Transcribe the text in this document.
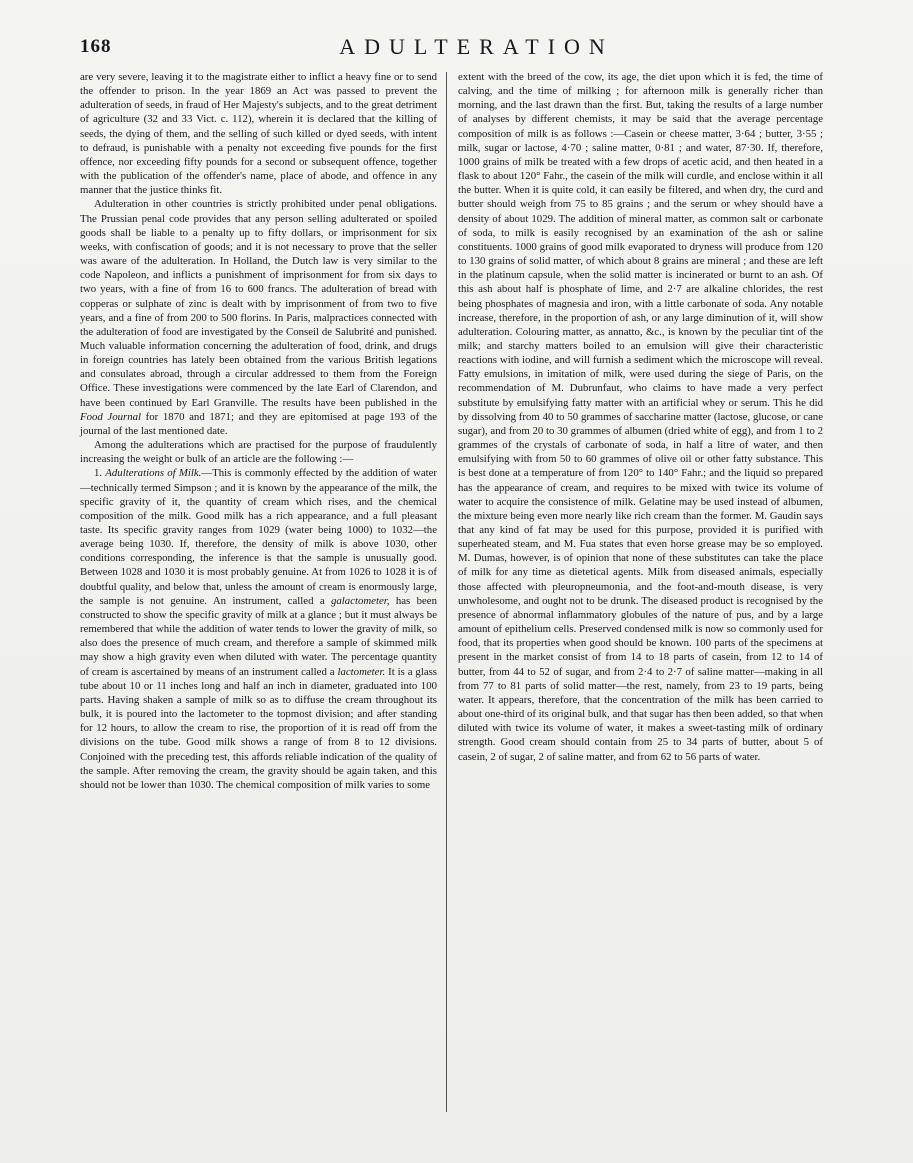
168	ADULTERATION

are very severe, leaving it to the magistrate either to inflict a heavy fine or to send the offender to prison. In the year 1869 an Act was passed to prevent the adulteration of seeds, in fraud of Her Majesty's subjects, and to the great detriment of agriculture (32 and 33 Vict. c. 112), wherein it is declared that the killing of seeds, the dying of them, and the selling of such killed or dyed seeds, with intent to defraud, is punishable with a penalty not exceeding five pounds for the first offence, nor exceeding fifty pounds for a second or subsequent offence, together with the publication of the offender's name, place of abode, and offence in any manner that the justice thinks fit.

Adulteration in other countries is strictly prohibited under penal obligations. The Prussian penal code provides that any person selling adulterated or spoiled goods shall be liable to a penalty up to fifty dollars, or imprisonment for six weeks, with confiscation of goods; and it is not necessary to prove that the seller was aware of the adulteration. In Holland, the Dutch law is very similar to the code Napoleon, and inflicts a punishment of imprisonment for from six days to two years, with a fine of from 16 to 600 francs. The adulteration of bread with copperas or sulphate of zinc is dealt with by imprisonment of from two to five years, and a fine of from 200 to 500 florins. In Paris, malpractices connected with the adulteration of food are investigated by the Conseil de Salubrité and punished. Much valuable information concerning the adulteration of food, drink, and drugs in foreign countries has lately been obtained from the various British legations and consulates abroad, through a circular addressed to them from the Foreign Office. These investigations were commenced by the late Earl of Clarendon, and have been continued by Earl Granville. The results have been published in the Food Journal for 1870 and 1871; and they are epitomised at page 193 of the journal of the last mentioned date.

Among the adulterations which are practised for the purpose of fraudulently increasing the weight or bulk of an article are the following :—

1. Adulterations of Milk.—This is commonly effected by the addition of water—technically termed Simpson ; and it is known by the appearance of the milk, the specific gravity of it, the quantity of cream which rises, and the chemical composition of the milk. Good milk has a rich appearance, and a full pleasant taste. Its specific gravity ranges from 1029 (water being 1000) to 1032—the average being 1030. If, therefore, the density of milk is above 1030, other conditions corresponding, the inference is that the sample is unusually good. Between 1028 and 1030 it is most probably genuine. At from 1026 to 1028 it is of doubtful quality, and below that, unless the amount of cream is enormously large, the sample is not genuine. An instrument, called a galactometer, has been constructed to show the specific gravity of milk at a glance ; but it must always be remembered that while the addition of water tends to lower the gravity of milk, so also does the presence of much cream, and therefore a sample of skimmed milk may show a high gravity even when diluted with water. The percentage quantity of cream is ascertained by means of an instrument called a lactometer. It is a glass tube about 10 or 11 inches long and half an inch in diameter, graduated into 100 parts. Having shaken a sample of milk so as to diffuse the cream throughout its bulk, it is poured into the lactometer to the topmost division; and after standing for 12 hours, to allow the cream to rise, the proportion of it is read off from the divisions on the tube. Good milk shows a range of from 8 to 12 divisions. Conjoined with the preceding test, this affords reliable indication of the quality of the sample. After removing the cream, the gravity should be again taken, and this should not be lower than 1030. The chemical composition of milk varies to some

extent with the breed of the cow, its age, the diet upon which it is fed, the time of calving, and the time of milking ; for afternoon milk is generally richer than morning, and the last drawn than the first. But, taking the results of a large number of analyses by different chemists, it may be said that the average percentage composition of milk is as follows :—Casein or cheese matter, 3·64 ; butter, 3·55 ; milk, sugar or lactose, 4·70 ; saline matter, 0·81 ; and water, 87·30. If, therefore, 1000 grains of milk be treated with a few drops of acetic acid, and then heated in a flask to about 120° Fahr., the casein of the milk will curdle, and enclose within it all the butter. When it is quite cold, it can easily be filtered, and when dry, the curd and butter should weigh from 75 to 85 grains ; and the serum or whey should have a density of about 1029. The addition of mineral matter, as common salt or carbonate of soda, to milk is easily recognised by an examination of the ash or saline constituents. 1000 grains of good milk evaporated to dryness will produce from 120 to 130 grains of solid matter, of which about 8 grains are mineral ; and these are left in the platinum capsule, when the solid matter is incinerated or burnt to an ash. Of this ash about half is phosphate of lime, and 2·7 are alkaline chlorides, the rest being phosphates of magnesia and iron, with a little carbonate of soda. Any notable increase, therefore, in the proportion of ash, or any large diminution of it, will show adulteration. Colouring matter, as annatto, &c., is known by the peculiar tint of the milk; and starchy matters boiled to an emulsion will give their characteristic reactions with iodine, and will furnish a sediment which the microscope will reveal. Fatty emulsions, in imitation of milk, were used during the siege of Paris, on the recommendation of M. Dubrunfaut, who claims to have made a very perfect substitute by emulsifying fatty matter with an artificial whey or serum. This he did by dissolving from 40 to 50 grammes of saccharine matter (lactose, glucose, or cane sugar), and from 20 to 30 grammes of albumen (dried white of egg), and from 1 to 2 grammes of the crystals of carbonate of soda, in half a litre of water, and then emulsifying with from 50 to 60 grammes of olive oil or other fatty substance. This is best done at a temperature of from 120° to 140° Fahr.; and the liquid so prepared has the appearance of cream, and requires to be mixed with twice its volume of water to acquire the consistence of milk. Gelatine may be used instead of albumen, the mixture being even more nearly like rich cream than the former. M. Gaudin says that any kind of fat may be used for this purpose, provided it is purified with superheated steam, and M. Fua states that even horse grease may be so employed. M. Dumas, however, is of opinion that none of these substitutes can take the place of milk for any time as dietetical agents. Milk from diseased animals, especially those affected with pleuropneumonia, and the foot-and-mouth disease, is very unwholesome, and ought not to be drunk. The diseased product is recognised by the presence of abnormal inflammatory globules of the nature of pus, and by a large amount of epithelium cells. Preserved condensed milk is now so commonly used for food, that its properties when good should be known. 100 parts of the specimens at present in the market consist of from 14 to 18 parts of casein, from 12 to 14 of butter, from 44 to 52 of sugar, and from 2·4 to 2·7 of saline matter—making in all from 77 to 81 parts of solid matter—the rest, namely, from 23 to 19 parts, being water. It appears, therefore, that the concentration of the milk has been carried to about one-third of its original bulk, and that sugar has then been added, so that when diluted with twice its volume of water, it makes a sweet-tasting milk of ordinary strength. Good cream should contain from 25 to 34 parts of butter, about 5 of casein, 2 of sugar, 2 of saline matter, and from 62 to 56 parts of water.
